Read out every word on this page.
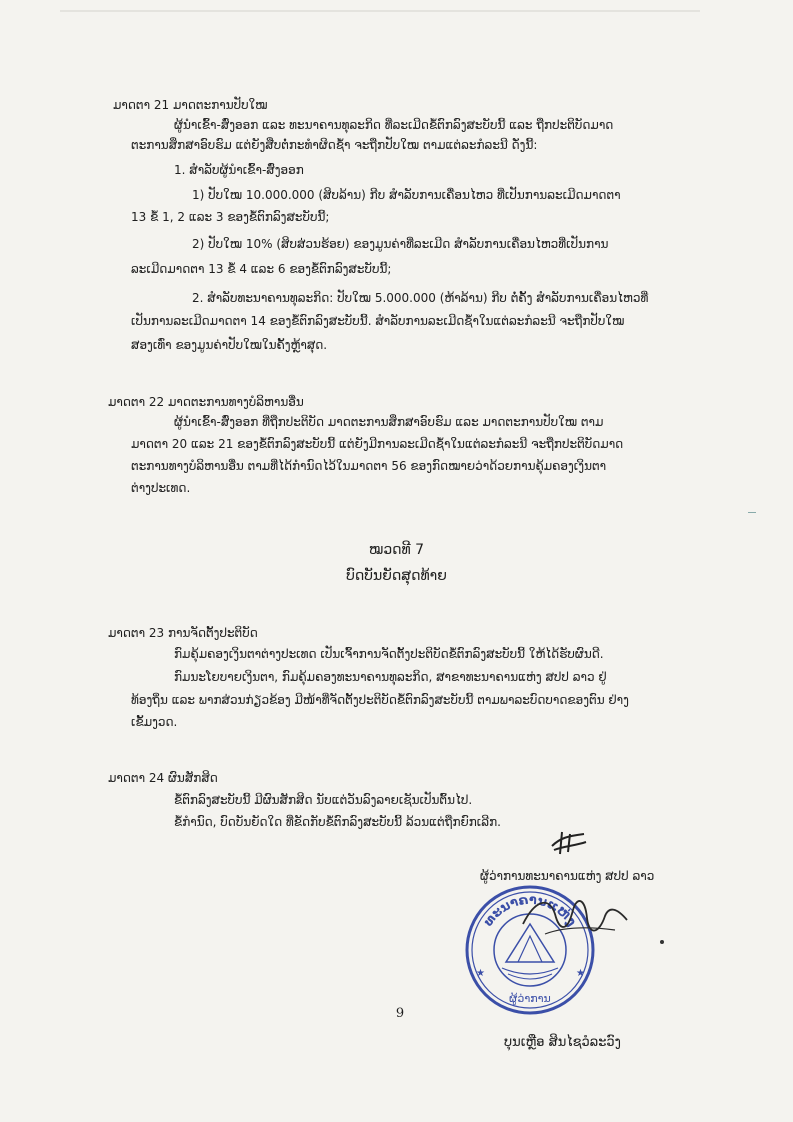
ມາດຕາ 21 ມາດຕະການປັບໃໝ
ຜູ້ນຳເຂົ້າ-ສົ່ງອອກ ແລະ ທະນາຄານທຸລະກິດ ທີ່ລະເມີດຂໍ້ຕົກລົງສະບັບນີ້ ແລະ ຖືກປະຕິບັດມາດ
ຕະການສຶກສາອົບຮົມ ແຕ່ຍັງສືບຕໍ່ກະທຳຜິດຊ້ຳ ຈະຖືກປັບໃໝ ຕາມແຕ່ລະກໍລະນີ ດັ່ງນີ້:
1. ສຳລັບຜູ້ນຳເຂົ້າ-ສົ່ງອອກ
1) ປັບໃໝ 10.000.000 (ສິບລ້ານ) ກີບ ສຳລັບການເຄື່ອນໄຫວ ທີ່ເປັນການລະເມີດມາດຕາ
13 ຂໍ້ 1, 2 ແລະ 3 ຂອງຂໍ້ຕົກລົງສະບັບນີ້;
2) ປັບໃໝ 10% (ສິບສ່ວນຮ້ອຍ) ຂອງມູນຄ່າທີ່ລະເມີດ ສຳລັບການເຄື່ອນໄຫວທີ່ເປັນການ
ລະເມີດມາດຕາ 13 ຂໍ້ 4 ແລະ 6 ຂອງຂໍ້ຕົກລົງສະບັບນີ້;
2. ສຳລັບທະນາຄານທຸລະກິດ: ປັບໃໝ 5.000.000 (ຫ້າລ້ານ) ກີບ ຕໍ່ຄັ້ງ ສຳລັບການເຄື່ອນໄຫວທີ່
ເປັນການລະເມີດມາດຕາ 14 ຂອງຂໍ້ຕົກລົງສະບັບນີ້. ສຳລັບການລະເມີດຊ້ຳໃນແຕ່ລະກໍລະນີ ຈະຖືກປັບໃໝ
ສອງເທົ່າ ຂອງມູນຄ່າປັບໃໝໃນຄັ້ງຫຼ້າສຸດ.
ມາດຕາ 22 ມາດຕະການທາງບໍລິຫານອື່ນ
ຜູ້ນຳເຂົ້າ-ສົ່ງອອກ ທີ່ຖືກປະຕິບັດ ມາດຕະການສຶກສາອົບຮົມ ແລະ ມາດຕະການປັບໃໝ ຕາມ
ມາດຕາ 20 ແລະ 21 ຂອງຂໍ້ຕົກລົງສະບັບນີ້ ແຕ່ຍັງມີການລະເມີດຊ້ຳໃນແຕ່ລະກໍລະນີ ຈະຖືກປະຕິບັດມາດ
ຕະການທາງບໍລິຫານອື່ນ ຕາມທີ່ໄດ້ກຳນົດໄວ້ໃນມາດຕາ 56 ຂອງກົດໝາຍວ່າດ້ວຍການຄຸ້ມຄອງເງິນຕາ
ຕ່າງປະເທດ.
ໝວດທີ 7
ບົດບັນຍັດສຸດທ້າຍ
ມາດຕາ 23 ການຈັດຕັ້ງປະຕິບັດ
ກົມຄຸ້ມຄອງເງິນຕາຕ່າງປະເທດ ເປັນເຈົ້າການຈັດຕັ້ງປະຕິບັດຂໍ້ຕົກລົງສະບັບນີ້ ໃຫ້ໄດ້ຮັບຜົນດີ.
ກົມນະໂຍບາຍເງິນຕາ, ກົມຄຸ້ມຄອງທະນາຄານທຸລະກິດ, ສາຂາທະນາຄານແຫ່ງ ສປປ ລາວ ຢູ່
ທ້ອງຖິ່ນ ແລະ ພາກສ່ວນກ່ຽວຂ້ອງ ມີໜ້າທີ່ຈັດຕັ້ງປະຕິບັດຂໍ້ຕົກລົງສະບັບນີ້ ຕາມພາລະບົດບາດຂອງຕົນ ຢ່າງ
ເຂັ້ມງວດ.
ມາດຕາ 24 ຜົນສັກສິດ
ຂໍ້ຕົກລົງສະບັບນີ້ ມີຜົນສັກສິດ ນັບແຕ່ວັນລົງລາຍເຊັນເປັນຕົ້ນໄປ.
ຂໍ້ກຳນົດ, ບົດບັນຍັດໃດ ທີ່ຂັດກັບຂໍ້ຕົກລົງສະບັບນີ້ ລ້ວນແຕ່ຖືກຍົກເລີກ.
ຜູ້ວ່າການທະນາຄານແຫ່ງ ສປປ ລາວ
ທະນາຄານແຫ່ງ
ຜູ້ວ່າການ
★	★
9
ບຸນເຫຼືອ ສິນໄຊວໍລະວົງ
